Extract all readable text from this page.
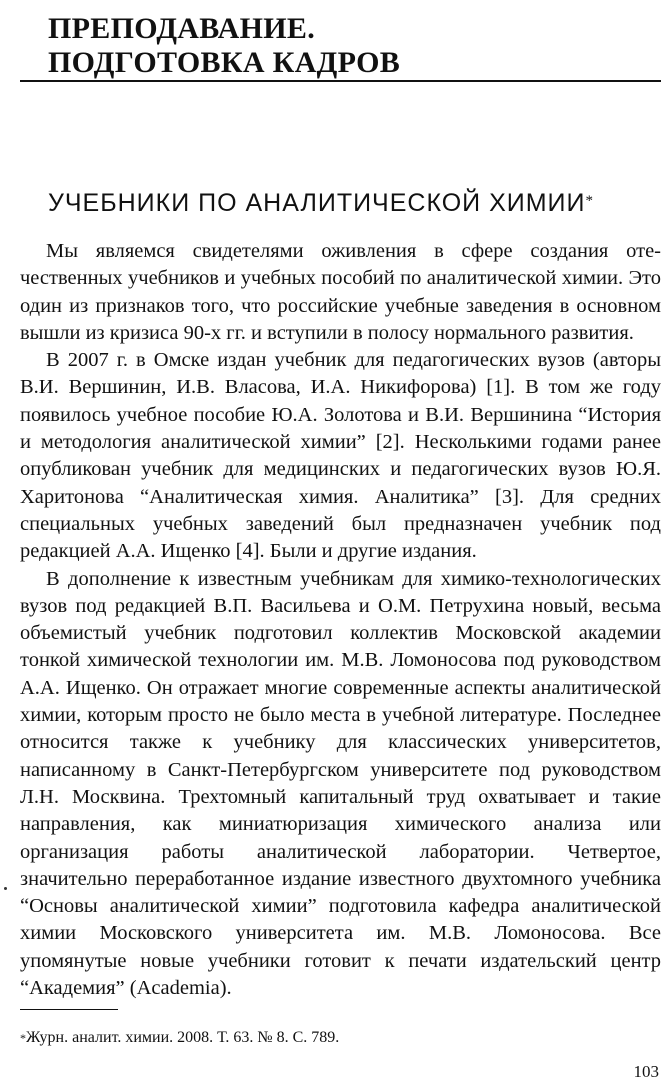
ПРЕПОДАВАНИЕ.
ПОДГОТОВКА КАДРОВ
УЧЕБНИКИ ПО АНАЛИТИЧЕСКОЙ ХИМИИ*

Мы являемся свидетелями оживления в сфере создания отечественных учебников и учебных пособий по аналитической химии. Это один из признаков того, что российские учебные заведения в основном вышли из кризиса 90-х гг. и вступили в полосу нормального развития.

В 2007 г. в Омске издан учебник для педагогических вузов (авторы В.И. Вершинин, И.В. Власова, И.А. Никифорова) [1]. В том же году появилось учебное пособие Ю.А. Золотова и В.И. Вершинина “История и методология аналитической химии” [2]. Несколькими годами ранее опубликован учебник для медицинских и педагогических вузов Ю.Я. Харитонова “Аналитическая химия. Аналитика” [3]. Для средних специальных учебных заведений был предназначен учебник под редакцией А.А. Ищенко [4]. Были и другие издания.

В дополнение к известным учебникам для химико-технологических вузов под редакцией В.П. Васильева и О.М. Петрухина новый, весьма объемистый учебник подготовил коллектив Московской академии тонкой химической технологии им. М.В. Ломоносова под руководством А.А. Ищенко. Он отражает многие современные аспекты аналитической химии, которым просто не было места в учебной литературе. Последнее относится также к учебнику для классических университетов, написанному в Санкт-Петербургском университете под руководством Л.Н. Москвина. Трехтомный капитальный труд охватывает и такие направления, как миниатюризация химического анализа или организация работы аналитической лаборатории. Четвертое, значительно переработанное издание известного двухтомного учебника “Основы аналитической химии” подготовила кафедра аналитической химии Московского университета им. М.В. Ломоносова. Все упомянутые новые учебники готовит к печати издательский центр “Академия” (Academia).

*Журн. аналит. химии. 2008. Т. 63. № 8. С. 789.
103
